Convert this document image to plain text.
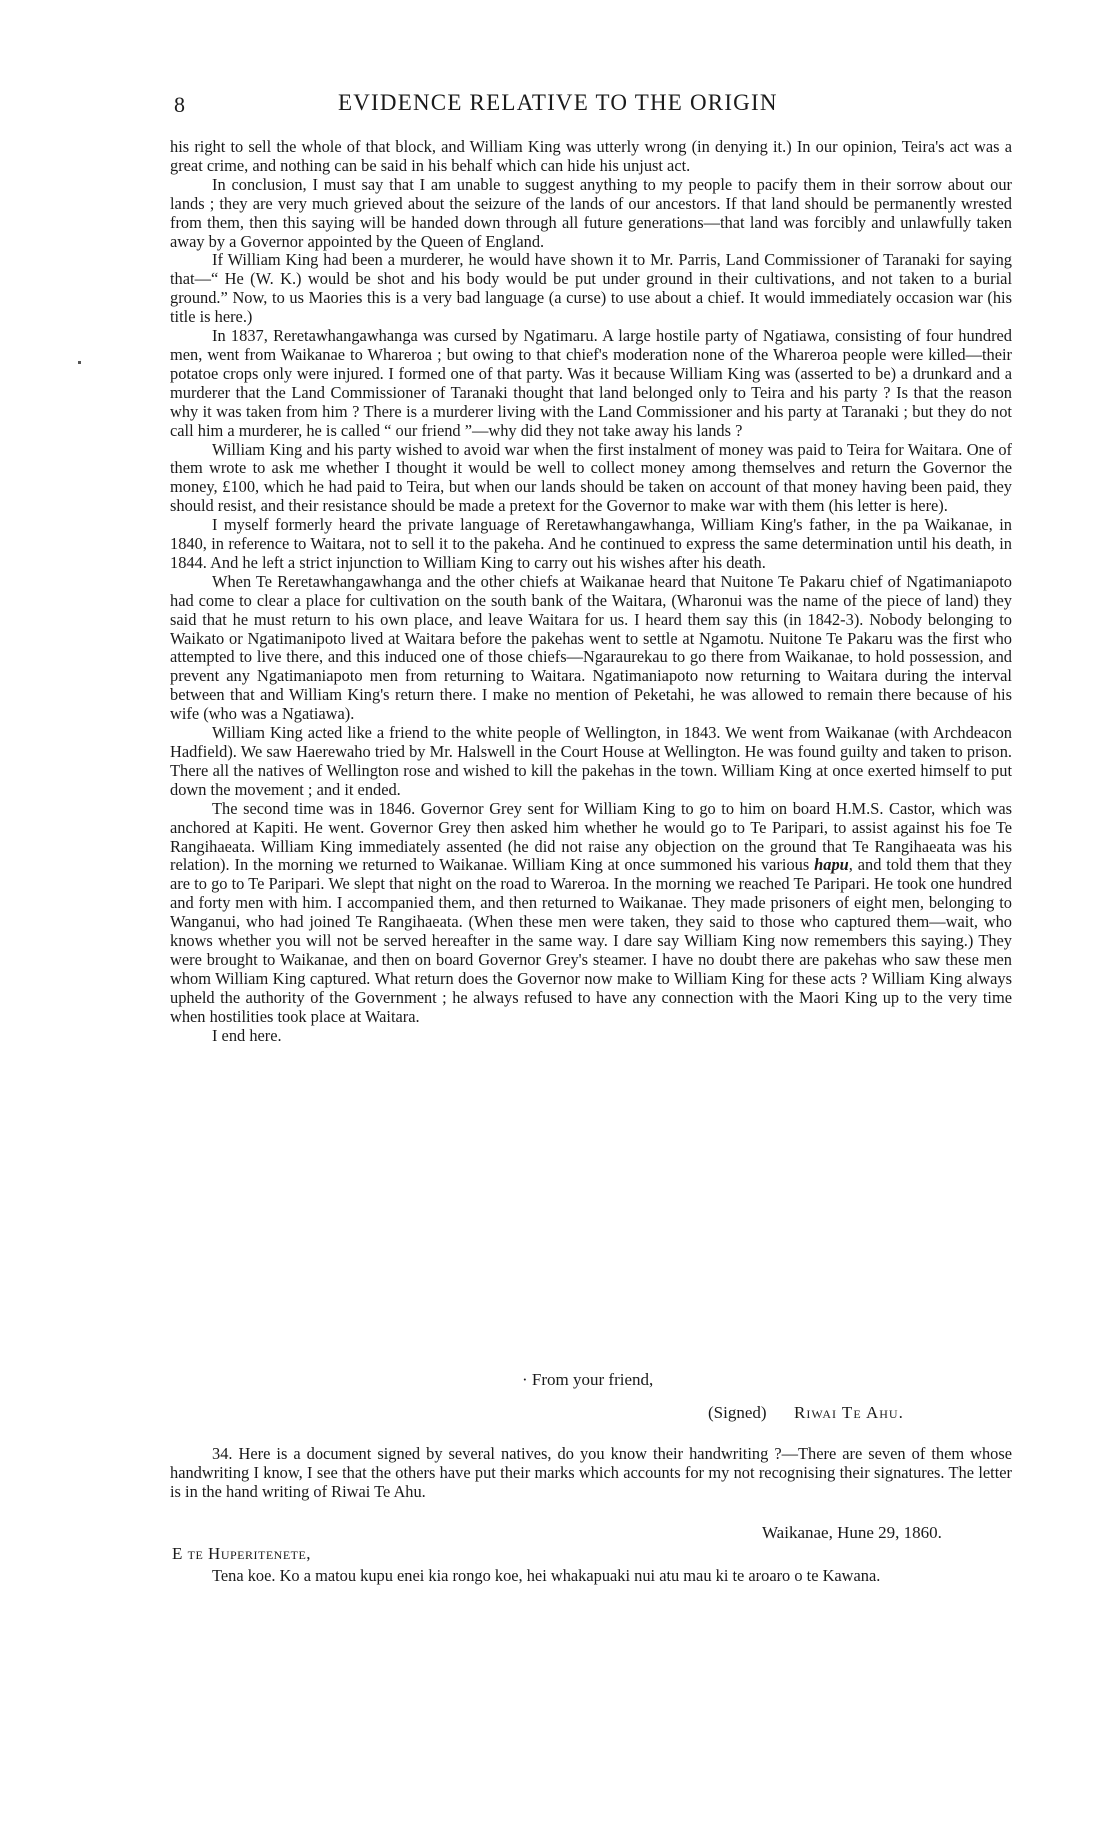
8	EVIDENCE RELATIVE TO THE ORIGIN

his right to sell the whole of that block, and William King was utterly wrong (in denying it.) In our opinion, Teira's act was a great crime, and nothing can be said in his behalf which can hide his unjust act.

In conclusion, I must say that I am unable to suggest anything to my people to pacify them in their sorrow about our lands ; they are very much grieved about the seizure of the lands of our ancestors. If that land should be permanently wrested from them, then this saying will be handed down through all future generations—that land was forcibly and unlawfully taken away by a Governor appointed by the Queen of England.

If William King had been a murderer, he would have shown it to Mr. Parris, Land Commissioner of Taranaki for saying that—“ He (W. K.) would be shot and his body would be put under ground in their cultivations, and not taken to a burial ground.” Now, to us Maories this is a very bad language (a curse) to use about a chief. It would immediately occasion war (his title is here.)

In 1837, Reretawhangawhanga was cursed by Ngatimaru. A large hostile party of Ngatiawa, consisting of four hundred men, went from Waikanae to Whareroa ; but owing to that chief's moderation none of the Whareroa people were killed—their potatoe crops only were injured. I formed one of that party. Was it because William King was (asserted to be) a drunkard and a murderer that the Land Commissioner of Taranaki thought that land belonged only to Teira and his party ? Is that the reason why it was taken from him ? There is a murderer living with the Land Commissioner and his party at Taranaki ; but they do not call him a murderer, he is called “ our friend ”—why did they not take away his lands ?

William King and his party wished to avoid war when the first instalment of money was paid to Teira for Waitara. One of them wrote to ask me whether I thought it would be well to collect money among themselves and return the Governor the money, £100, which he had paid to Teira, but when our lands should be taken on account of that money having been paid, they should resist, and their resistance should be made a pretext for the Governor to make war with them (his letter is here).

I myself formerly heard the private language of Reretawhangawhanga, William King's father, in the pa Waikanae, in 1840, in reference to Waitara, not to sell it to the pakeha. And he continued to express the same determination until his death, in 1844. And he left a strict injunction to William King to carry out his wishes after his death.

When Te Reretawhangawhanga and the other chiefs at Waikanae heard that Nuitone Te Pakaru chief of Ngatimaniapoto had come to clear a place for cultivation on the south bank of the Waitara, (Wharonui was the name of the piece of land) they said that he must return to his own place, and leave Waitara for us. I heard them say this (in 1842-3). Nobody belonging to Waikato or Ngatimanipoto lived at Waitara before the pakehas went to settle at Ngamotu. Nuitone Te Pakaru was the first who attempted to live there, and this induced one of those chiefs—Ngaraurekau to go there from Waikanae, to hold possession, and prevent any Ngatimaniapoto men from returning to Waitara. Ngatimaniapoto now returning to Waitara during the interval between that and William King's return there. I make no mention of Peketahi, he was allowed to remain there because of his wife (who was a Ngatiawa).

William King acted like a friend to the white people of Wellington, in 1843. We went from Waikanae (with Archdeacon Hadfield). We saw Haerewaho tried by Mr. Halswell in the Court House at Wellington. He was found guilty and taken to prison. There all the natives of Wellington rose and wished to kill the pakehas in the town. William King at once exerted himself to put down the movement ; and it ended.

The second time was in 1846. Governor Grey sent for William King to go to him on board H.M.S. Castor, which was anchored at Kapiti. He went. Governor Grey then asked him whether he would go to Te Paripari, to assist against his foe Te Rangihaeata. William King immediately assented (he did not raise any objection on the ground that Te Rangihaeata was his relation). In the morning we returned to Waikanae. William King at once summoned his various hapu, and told them that they are to go to Te Paripari. We slept that night on the road to Wareroa. In the morning we reached Te Paripari. He took one hundred and forty men with him. I accompanied them, and then returned to Waikanae. They made prisoners of eight men, belonging to Wanganui, who had joined Te Rangihaeata. (When these men were taken, they said to those who captured them—wait, who knows whether you will not be served hereafter in the same way. I dare say William King now remembers this saying.) They were brought to Waikanae, and then on board Governor Grey's steamer. I have no doubt there are pakehas who saw these men whom William King captured. What return does the Governor now make to William King for these acts ? William King always upheld the authority of the Government ; he always refused to have any connection with the Maori King up to the very time when hostilities took place at Waitara.

I end here.

· From your friend,
(Signed) Riwai Te Ahu.
34. Here is a document signed by several natives, do you know their handwriting ?—There are seven of them whose handwriting I know, I see that the others have put their marks which accounts for my not recognising their signatures. The letter is in the hand writing of Riwai Te Ahu.
Waikanae, Hune 29, 1860.
E te Huperitenete,
Tena koe. Ko a matou kupu enei kia rongo koe, hei whakapuaki nui atu mau ki te aroaro o te Kawana.
